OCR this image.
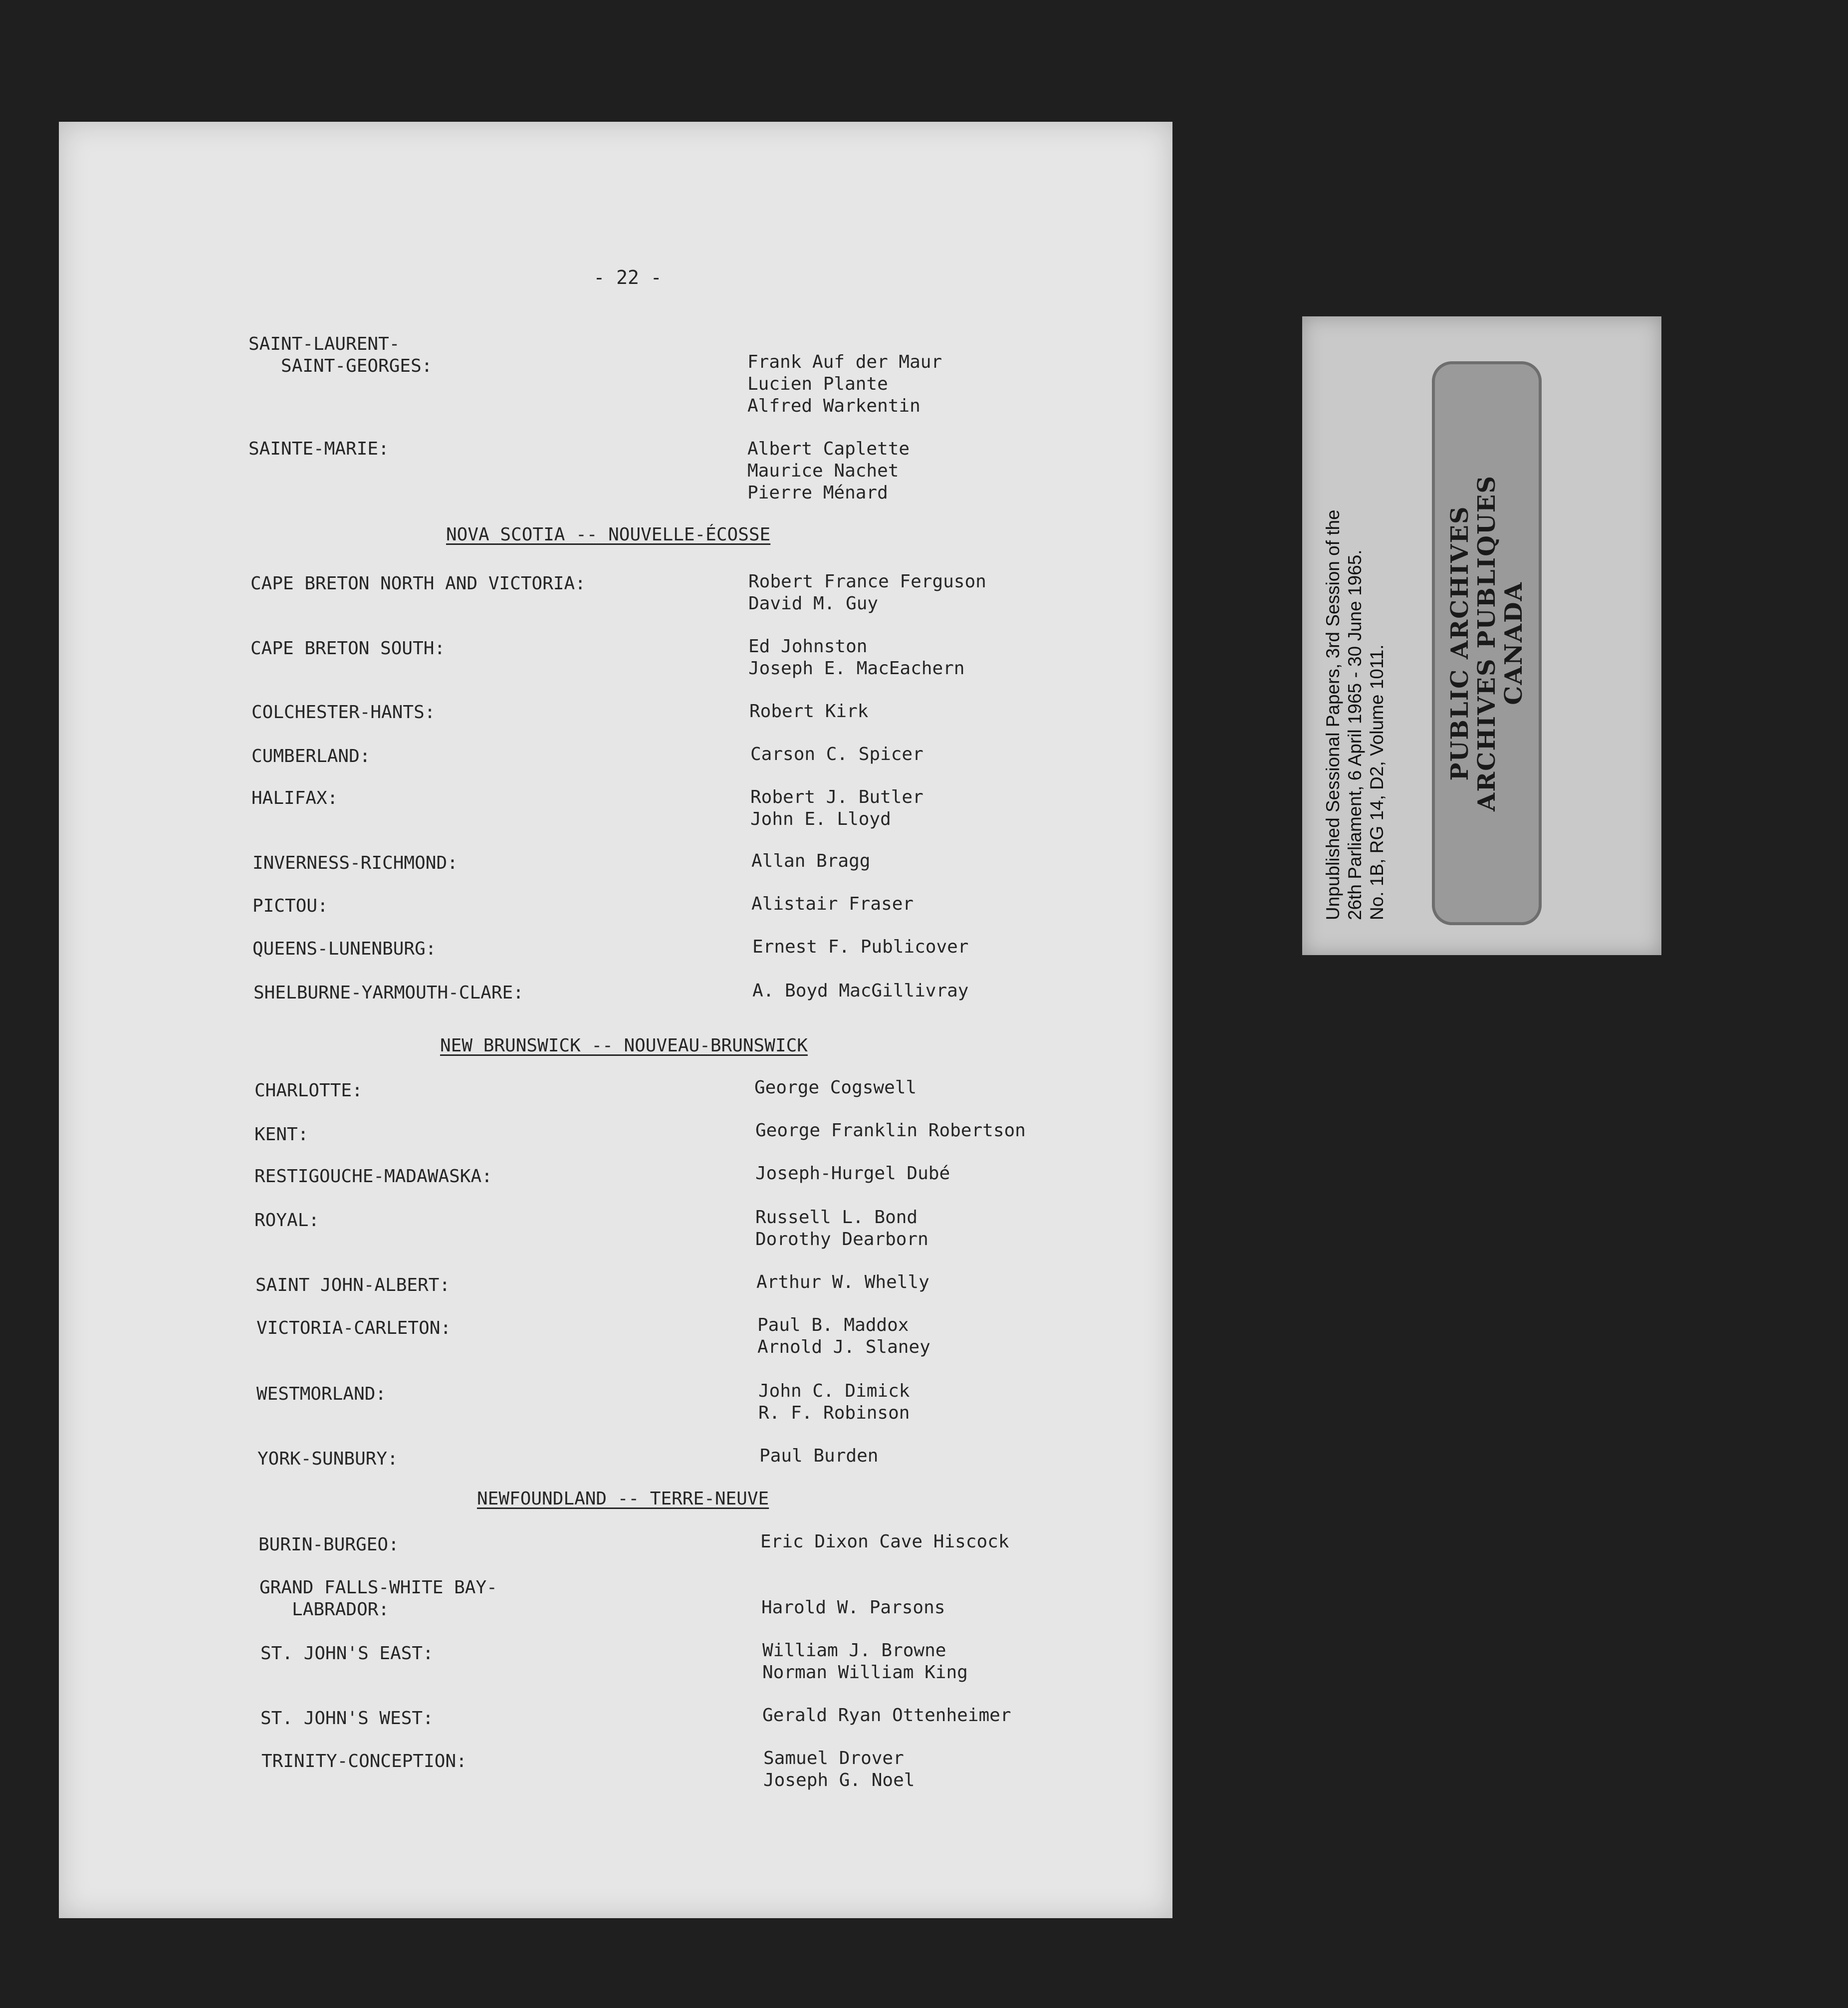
- 22 -
SAINT-LAURENT-
SAINT-GEORGES:	Frank Auf der Maur
Lucien Plante
Alfred Warkentin
SAINTE-MARIE:	Albert Caplette
Maurice Nachet
Pierre Ménard
NOVA SCOTIA -- NOUVELLE-ÉCOSSE
CAPE BRETON NORTH AND VICTORIA:	Robert France Ferguson
David M. Guy
CAPE BRETON SOUTH:	Ed Johnston
Joseph E. MacEachern
COLCHESTER-HANTS:	Robert Kirk
CUMBERLAND:	Carson C. Spicer
HALIFAX:	Robert J. Butler
John E. Lloyd
INVERNESS-RICHMOND:	Allan Bragg
PICTOU:	Alistair Fraser
QUEENS-LUNENBURG:	Ernest F. Publicover
SHELBURNE-YARMOUTH-CLARE:	A. Boyd MacGillivray
NEW BRUNSWICK -- NOUVEAU-BRUNSWICK
CHARLOTTE:	George Cogswell
KENT:	George Franklin Robertson
RESTIGOUCHE-MADAWASKA:	Joseph-Hurgel Dubé
ROYAL:	Russell L. Bond
Dorothy Dearborn
SAINT JOHN-ALBERT:	Arthur W. Whelly
VICTORIA-CARLETON:	Paul B. Maddox
Arnold J. Slaney
WESTMORLAND:	John C. Dimick
R. F. Robinson
YORK-SUNBURY:	Paul Burden
NEWFOUNDLAND -- TERRE-NEUVE
BURIN-BURGEO:	Eric Dixon Cave Hiscock
GRAND FALLS-WHITE BAY-
LABRADOR:	Harold W. Parsons
ST. JOHN'S EAST:	William J. Browne
Norman William King
ST. JOHN'S WEST:	Gerald Ryan Ottenheimer
TRINITY-CONCEPTION:	Samuel Drover
Joseph G. Noel
Unpublished Sessional Papers, 3rd Session of the
26th Parliament, 6 April 1965 - 30 June 1965.
No. 1B, RG 14, D2, Volume 1011. PUBLIC ARCHIVES
ARCHIVES PUBLIQUES
CANADA
